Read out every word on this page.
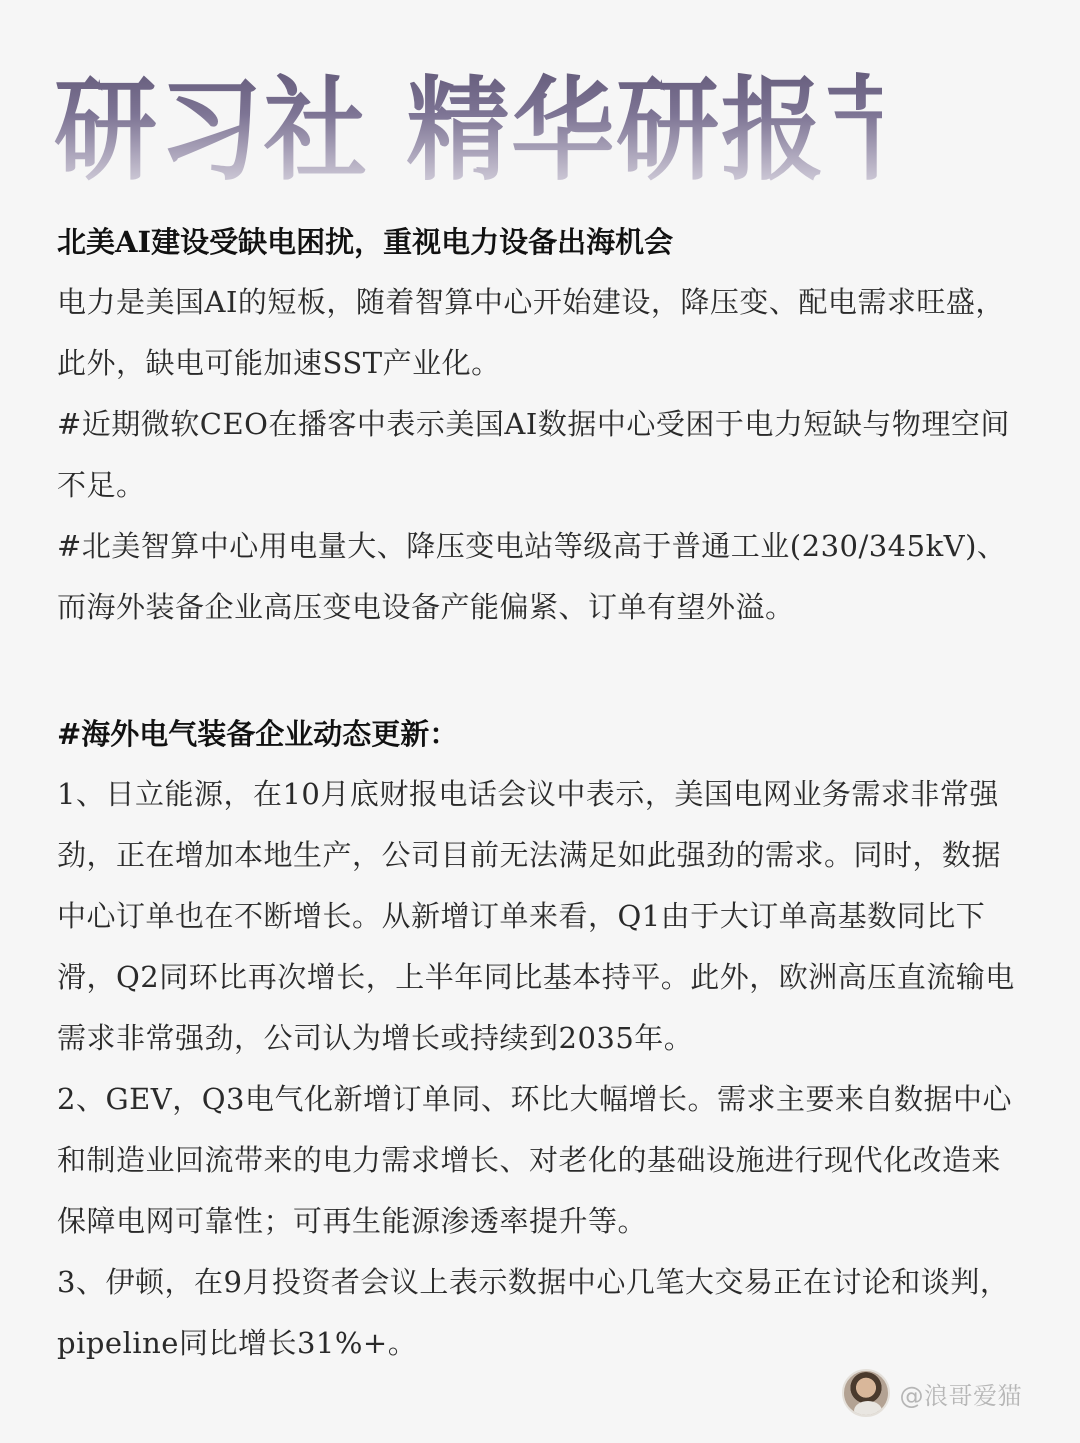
研习社 精华研报节选

北美AI建设受缺电困扰，重视电力设备出海机会

电力是美国AI的短板，随着智算中心开始建设，降压变、配电需求旺盛，此外，缺电可能加速SST产业化。

#近期微软CEO在播客中表示美国AI数据中心受困于电力短缺与物理空间不足。

#北美智算中心用电量大、降压变电站等级高于普通工业(230/345kV)、而海外装备企业高压变电设备产能偏紧、订单有望外溢。

#海外电气装备企业动态更新：

1、日立能源，在10月底财报电话会议中表示，美国电网业务需求非常强劲，正在增加本地生产，公司目前无法满足如此强劲的需求。同时，数据中心订单也在不断增长。从新增订单来看，Q1由于大订单高基数同比下滑，Q2同环比再次增长，上半年同比基本持平。此外，欧洲高压直流输电需求非常强劲，公司认为增长或持续到2035年。

2、GEV，Q3电气化新增订单同、环比大幅增长。需求主要来自数据中心和制造业回流带来的电力需求增长、对老化的基础设施进行现代化改造来保障电网可靠性；可再生能源渗透率提升等。

3、伊顿，在9月投资者会议上表示数据中心几笔大交易正在讨论和谈判，pipeline同比增长31%+。

@浪哥爱猫
